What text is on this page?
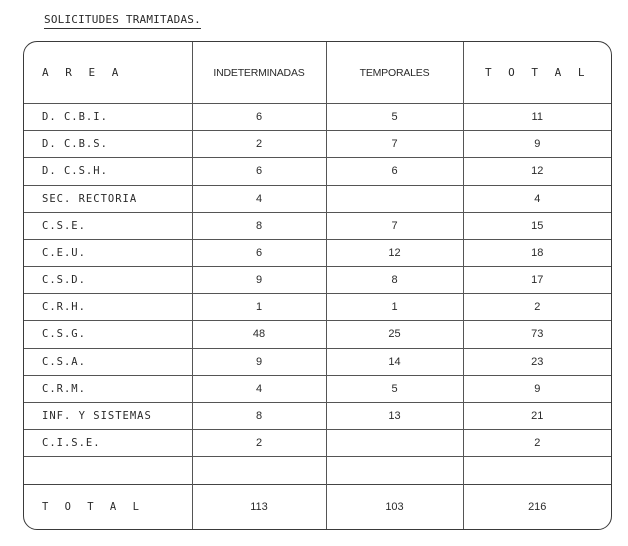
SOLICITUDES TRAMITADAS.
A R E A	INDETERMINADAS	TEMPORALES	T O T A L
D. C.B.I.	6	5	11
D. C.B.S.	2	7	9
D. C.S.H.	6	6	12
SEC. RECTORIA	4		4
C.S.E.	8	7	15
C.E.U.	6	12	18
C.S.D.	9	8	17
C.R.H.	1	1	2
C.S.G.	48	25	73
C.S.A.	9	14	23
C.R.M.	4	5	9
INF. Y SISTEMAS	8	13	21
C.I.S.E.	2		2

T O T A L	113	103	216
